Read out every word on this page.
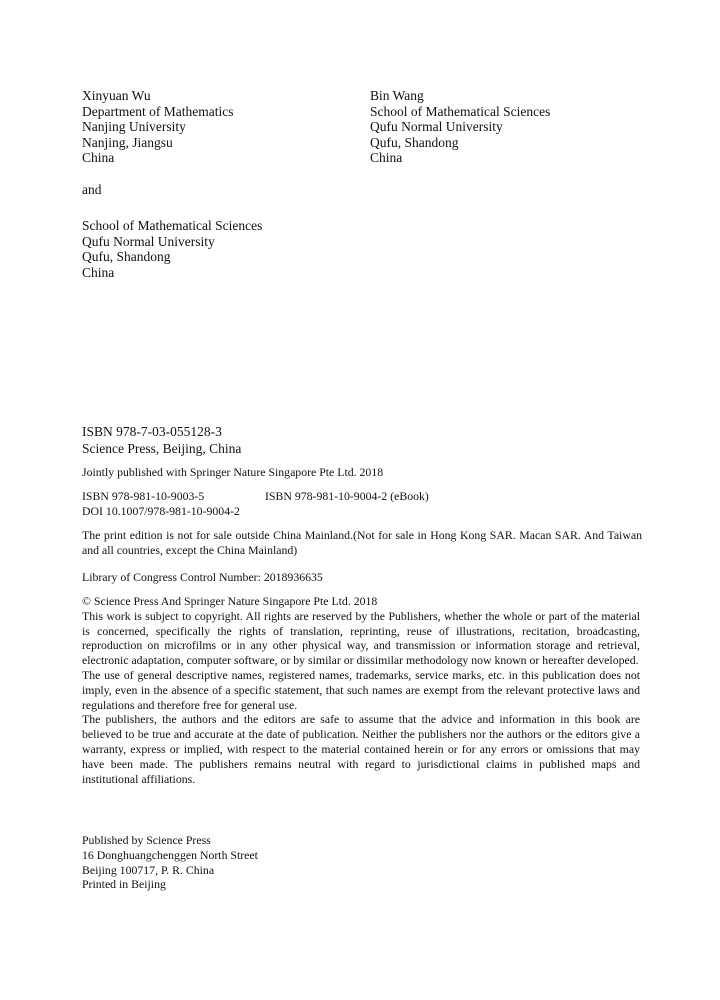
Xinyuan Wu
Department of Mathematics
Nanjing University
Nanjing, Jiangsu
China
Bin Wang
School of Mathematical Sciences
Qufu Normal University
Qufu, Shandong
China
and
School of Mathematical Sciences
Qufu Normal University
Qufu, Shandong
China
ISBN 978-7-03-055128-3
Science Press, Beijing, China
Jointly published with Springer Nature Singapore Pte Ltd. 2018
ISBN 978-981-10-9003-5	ISBN 978-981-10-9004-2 (eBook)
DOI 10.1007/978-981-10-9004-2
The print edition is not for sale outside China Mainland.(Not for sale in Hong Kong SAR. Macan SAR. And Taiwan and all countries, except the China Mainland)
Library of Congress Control Number: 2018936635

© Science Press And Springer Nature Singapore Pte Ltd. 2018

This work is subject to copyright. All rights are reserved by the Publishers, whether the whole or part of the material is concerned, specifically the rights of translation, reprinting, reuse of illustrations, recitation, broadcasting, reproduction on microfilms or in any other physical way, and transmission or information storage and retrieval, electronic adaptation, computer software, or by similar or dissimilar methodology now known or hereafter developed.

The use of general descriptive names, registered names, trademarks, service marks, etc. in this publication does not imply, even in the absence of a specific statement, that such names are exempt from the relevant protective laws and regulations and therefore free for general use.

The publishers, the authors and the editors are safe to assume that the advice and information in this book are believed to be true and accurate at the date of publication. Neither the publishers nor the authors or the editors give a warranty, express or implied, with respect to the material contained herein or for any errors or omissions that may have been made. The publishers remains neutral with regard to jurisdictional claims in published maps and institutional affiliations.

Published by Science Press
16 Donghuangchenggen North Street
Beijing 100717, P. R. China
Printed in Beijing
